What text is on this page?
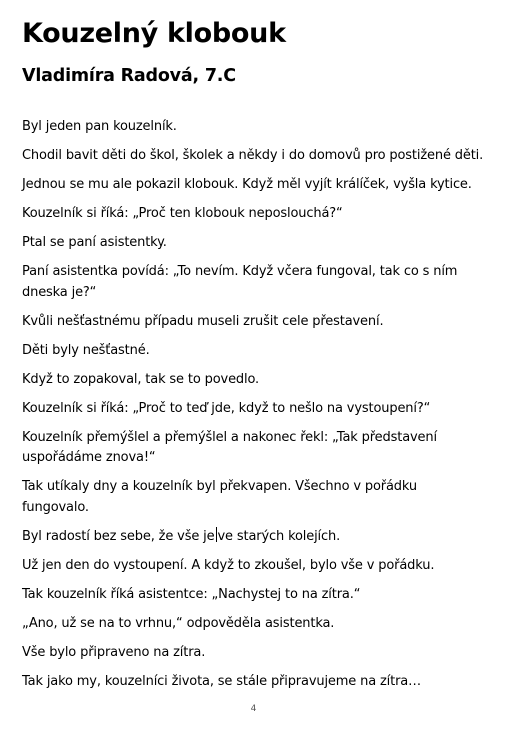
Kouzelný klobouk
Vladimíra Radová, 7.C

Byl jeden pan kouzelník.

Chodil bavit děti do škol, školek a někdy i do domovů pro postižené děti.

Jednou se mu ale pokazil klobouk. Když měl vyjít králíček, vyšla kytice.

Kouzelník si říká: „Proč ten klobouk neposlouchá?“

Ptal se paní asistentky.

Paní asistentka povídá: „To nevím. Když včera fungoval, tak co s ním dneska je?“

Kvůli nešťastnému případu museli zrušit cele přestavení.

Děti byly nešťastné.

Když to zopakoval, tak se to povedlo.

Kouzelník si říká: „Proč to teď jde, když to nešlo na vystoupení?“

Kouzelník přemýšlel a přemýšlel a nakonec řekl: „Tak představení uspořádáme znova!“

Tak utíkaly dny a kouzelník byl překvapen. Všechno v pořádku fungovalo.

Byl radostí bez sebe, že vše je ve starých kolejích.

Už jen den do vystoupení. A když to zkoušel, bylo vše v pořádku.

Tak kouzelník říká asistentce: „Nachystej to na zítra.“

„Ano, už se na to vrhnu,“ odpověděla asistentka.

Vše bylo připraveno na zítra.

Tak jako my, kouzelníci života, se stále připravujeme na zítra…

4
